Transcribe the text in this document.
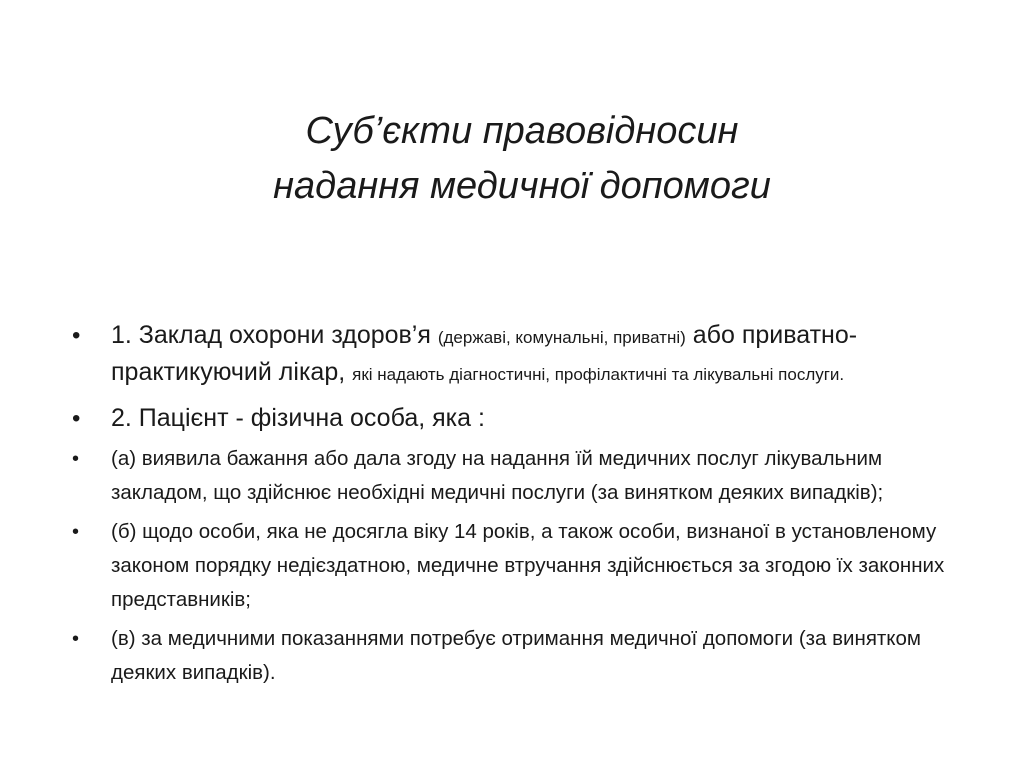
Суб’єкти правовідносин
надання медичної допомоги

• 1. Заклад охорони здоров’я (державі, комунальні, приватні) або приватно-практикуючий лікар, які надають діагностичні, профілактичні та лікувальні послуги.

• 2. Пацієнт - фізична особа, яка :

• (а) виявила бажання або дала згоду на надання їй медичних послуг лікувальним закладом, що здійснює необхідні медичні послуги (за винятком деяких випадків);

• (б) щодо особи, яка не досягла віку 14 років, а також особи, визнаної в установленому законом порядку недієздатною, медичне втручання здійснюється за згодою їх законних представників;

• (в) за медичними показаннями потребує отримання медичної допомоги (за винятком деяких випадків).
